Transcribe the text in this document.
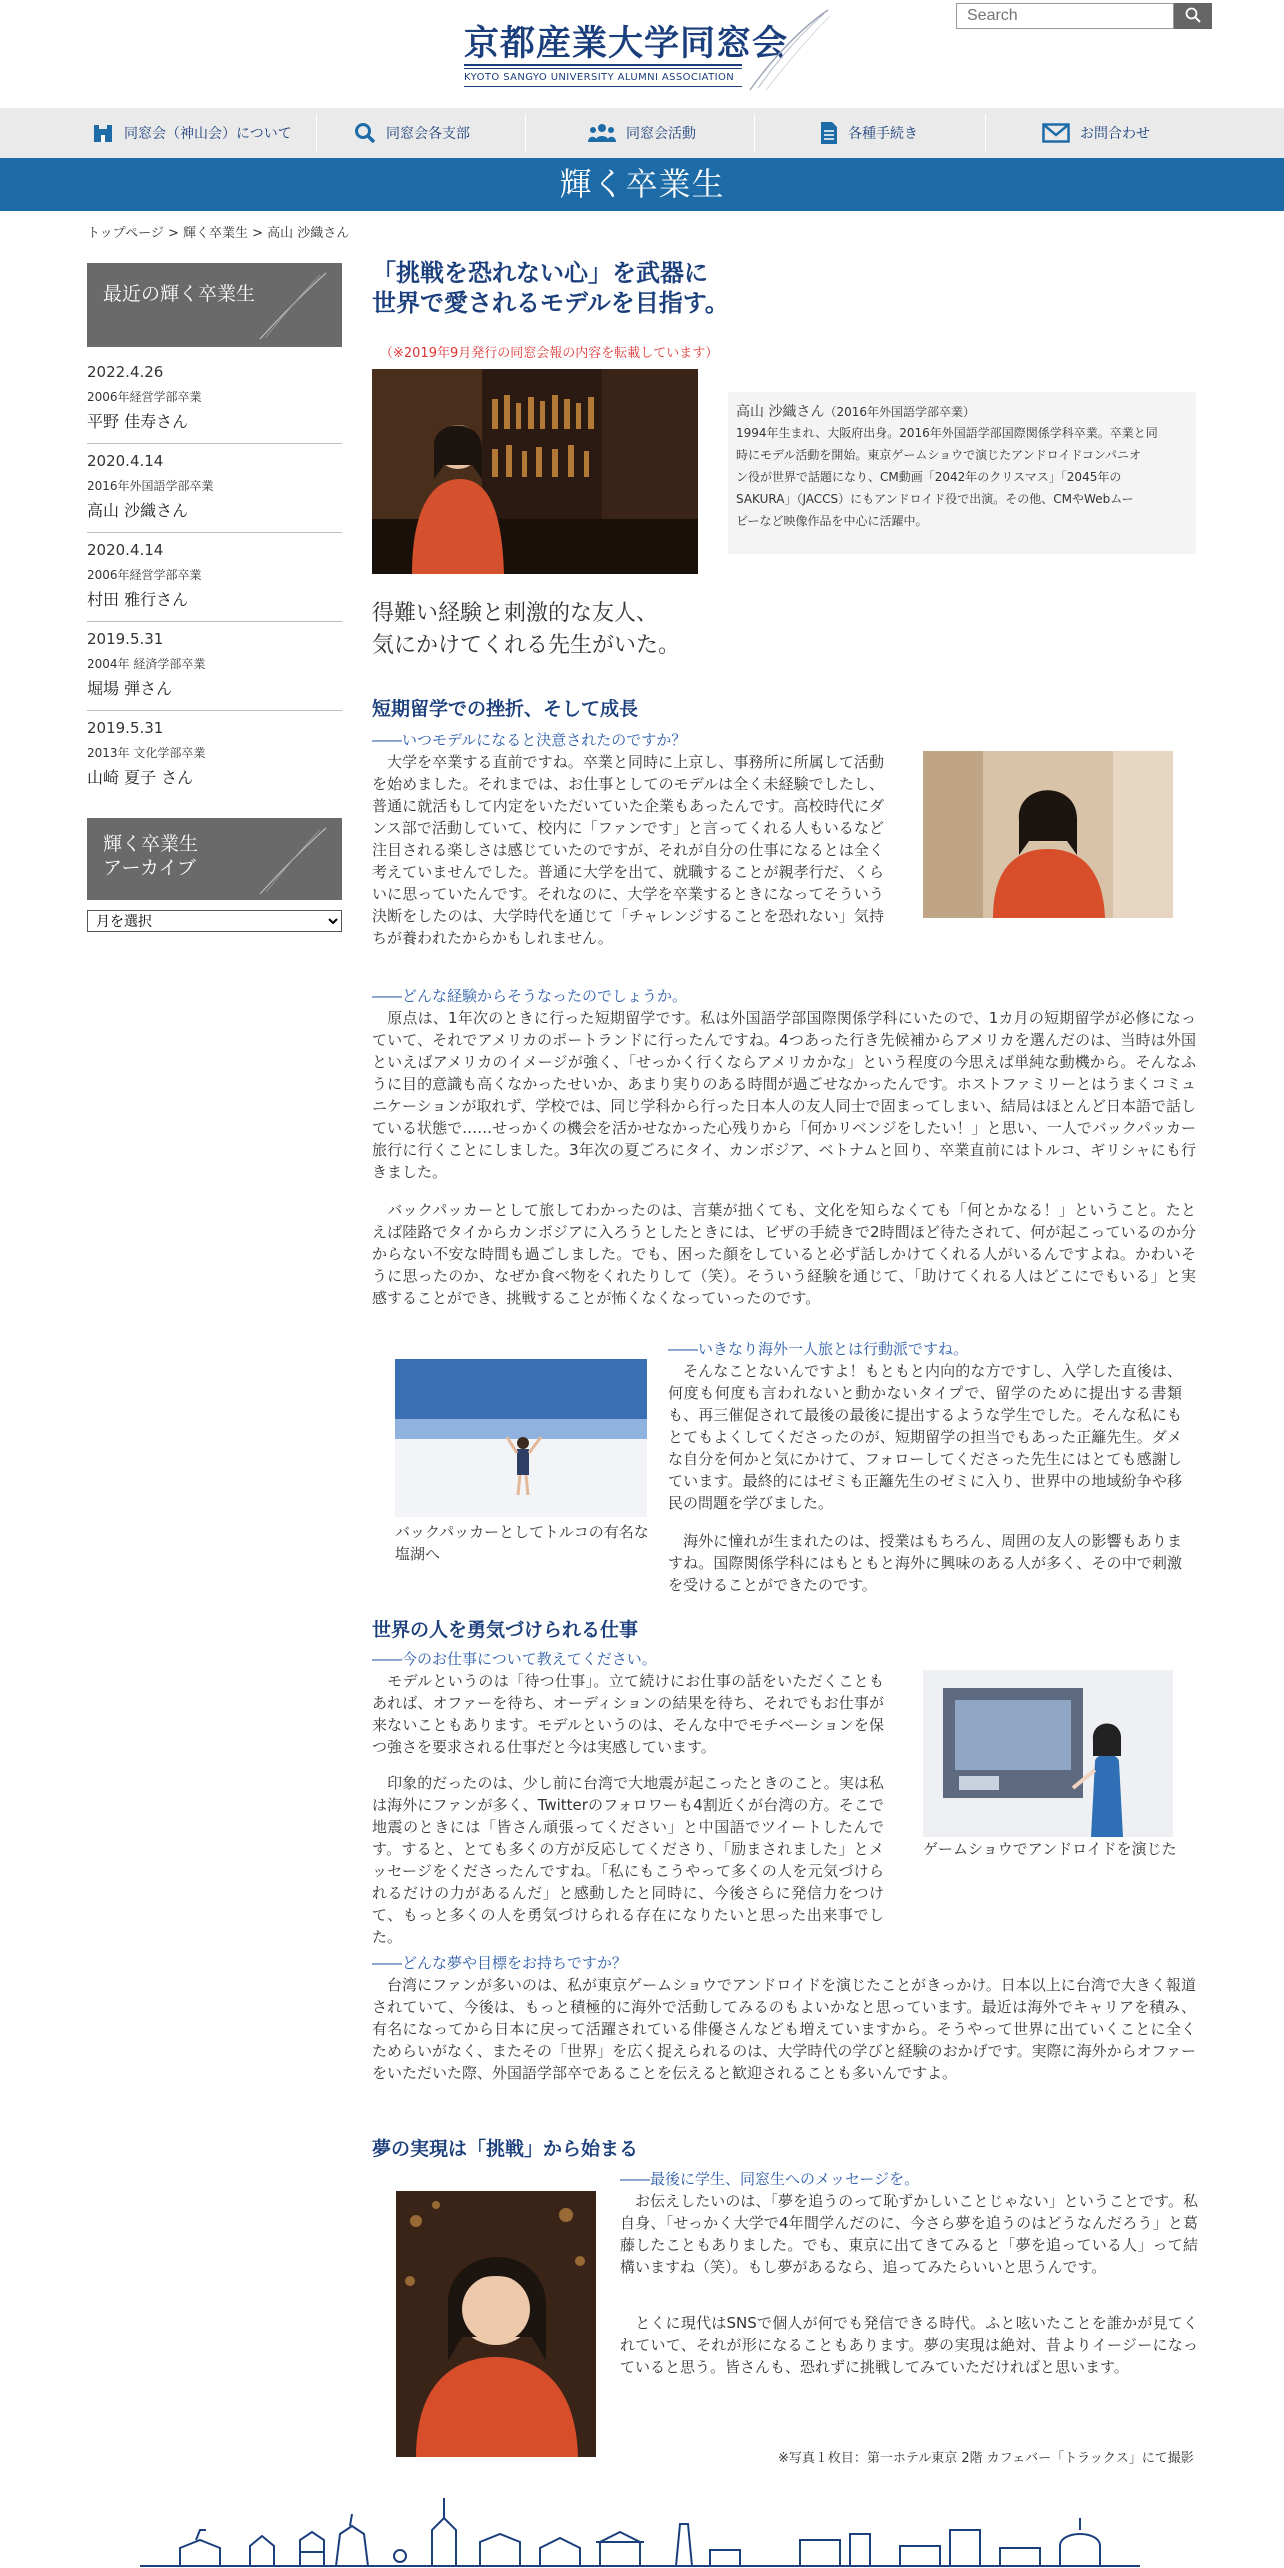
京都産業大学同窓会
KYOTO SANGYO UNIVERSITY ALUMNI ASSOCIATION
Search
同窓会（神山会）について	同窓会各支部	同窓会活動	各種手続き	お問合わせ
輝く卒業生
トップページ > 輝く卒業生 > 高山 沙織さん
最近の輝く卒業生
2022.4.26
2006年経営学部卒業
平野 佳寿さん
2020.4.14
2016年外国語学部卒業
高山 沙織さん
2020.4.14
2006年経営学部卒業
村田 雅行さん
2019.5.31
2004年 経済学部卒業
堀場 弾さん
2019.5.31
2013年 文化学部卒業
山崎 夏子 さん
輝く卒業生
アーカイブ
月を選択
「挑戦を恐れない心」を武器に
世界で愛されるモデルを目指す。
（※2019年9月発行の同窓会報の内容を転載しています）
高山 沙織さん（2016年外国語学部卒業）
1994年生まれ、大阪府出身。2016年外国語学部国際関係学科卒業。卒業と同
時にモデル活動を開始。東京ゲームショウで演じたアンドロイドコンパニオ
ン役が世界で話題になり、CM動画「2042年のクリスマス」「2045年の
SAKURA」（JACCS）にもアンドロイド役で出演。その他、CMやWebムー
ビーなど映像作品を中心に活躍中。
得難い経験と刺激的な友人、
気にかけてくれる先生がいた。
短期留学での挫折、そして成長
――いつモデルになると決意されたのですか？
　大学を卒業する直前ですね。卒業と同時に上京し、事務所に所属して活動を始めました。それまでは、お仕事としてのモデルは全く未経験でしたし、普通に就活もして内定をいただいていた企業もあったんです。高校時代にダンス部で活動していて、校内に「ファンです」と言ってくれる人もいるなど注目される楽しさは感じていたのですが、それが自分の仕事になるとは全く考えていませんでした。普通に大学を出て、就職することが親孝行だ、くらいに思っていたんです。それなのに、大学を卒業するときになってそういう決断をしたのは、大学時代を通じて「チャレンジすることを恐れない」気持ちが養われたからかもしれません。
――どんな経験からそうなったのでしょうか。
　原点は、1年次のときに行った短期留学です。私は外国語学部国際関係学科にいたので、1カ月の短期留学が必修になっていて、それでアメリカのポートランドに行ったんですね。4つあった行き先候補からアメリカを選んだのは、当時は外国といえばアメリカのイメージが強く、「せっかく行くならアメリカかな」という程度の今思えば単純な動機から。そんなふうに目的意識も高くなかったせいか、あまり実りのある時間が過ごせなかったんです。ホストファミリーとはうまくコミュニケーションが取れず、学校では、同じ学科から行った日本人の友人同士で固まってしまい、結局はほとんど日本語で話している状態で……せっかくの機会を活かせなかった心残りから「何かリベンジをしたい！」と思い、一人でバックパッカー旅行に行くことにしました。3年次の夏ごろにタイ、カンボジア、ベトナムと回り、卒業直前にはトルコ、ギリシャにも行きました。
　バックパッカーとして旅してわかったのは、言葉が拙くても、文化を知らなくても「何とかなる！」ということ。たとえば陸路でタイからカンボジアに入ろうとしたときには、ビザの手続きで2時間ほど待たされて、何が起こっているのか分からない不安な時間も過ごしました。でも、困った顔をしていると必ず話しかけてくれる人がいるんですよね。かわいそうに思ったのか、なぜか食べ物をくれたりして（笑）。そういう経験を通じて、「助けてくれる人はどこにでもいる」と実感することができ、挑戦することが怖くなくなっていったのです。
バックパッカーとしてトルコの有名な塩湖へ
――いきなり海外一人旅とは行動派ですね。
　そんなことないんですよ！もともと内向的な方ですし、入学した直後は、何度も何度も言われないと動かないタイプで、留学のために提出する書類も、再三催促されて最後の最後に提出するような学生でした。そんな私にもとてもよくしてくださったのが、短期留学の担当でもあった正籬先生。ダメな自分を何かと気にかけて、フォローしてくださった先生にはとても感謝しています。最終的にはゼミも正籬先生のゼミに入り、世界中の地域紛争や移民の問題を学びました。
　海外に憧れが生まれたのは、授業はもちろん、周囲の友人の影響もありますね。国際関係学科にはもともと海外に興味のある人が多く、その中で刺激を受けることができたのです。
世界の人を勇気づけられる仕事
――今のお仕事について教えてください。
　モデルというのは「待つ仕事」。立て続けにお仕事の話をいただくこともあれば、オファーを待ち、オーディションの結果を待ち、それでもお仕事が来ないこともあります。モデルというのは、そんな中でモチベーションを保つ強さを要求される仕事だと今は実感しています。
　印象的だったのは、少し前に台湾で大地震が起こったときのこと。実は私は海外にファンが多く、Twitterのフォロワーも4割近くが台湾の方。そこで地震のときには「皆さん頑張ってください」と中国語でツイートしたんです。すると、とても多くの方が反応してくださり、「励まされました」とメッセージをくださったんですね。「私にもこうやって多くの人を元気づけられるだけの力があるんだ」と感動したと同時に、今後さらに発信力をつけて、もっと多くの人を勇気づけられる存在になりたいと思った出来事でした。
ゲームショウでアンドロイドを演じた
――どんな夢や目標をお持ちですか？
　台湾にファンが多いのは、私が東京ゲームショウでアンドロイドを演じたことがきっかけ。日本以上に台湾で大きく報道されていて、今後は、もっと積極的に海外で活動してみるのもよいかなと思っています。最近は海外でキャリアを積み、有名になってから日本に戻って活躍されている俳優さんなども増えていますから。そうやって世界に出ていくことに全くためらいがなく、またその「世界」を広く捉えられるのは、大学時代の学びと経験のおかげです。実際に海外からオファーをいただいた際、外国語学部卒であることを伝えると歓迎されることも多いんですよ。
夢の実現は「挑戦」から始まる
――最後に学生、同窓生へのメッセージを。
　お伝えしたいのは、「夢を追うのって恥ずかしいことじゃない」ということです。私自身、「せっかく大学で4年間学んだのに、今さら夢を追うのはどうなんだろう」と葛藤したこともありました。でも、東京に出てきてみると「夢を追っている人」って結構いますね（笑）。もし夢があるなら、追ってみたらいいと思うんです。
　とくに現代はSNSで個人が何でも発信できる時代。ふと呟いたことを誰かが見てくれていて、それが形になることもあります。夢の実現は絶対、昔よりイージーになっていると思う。皆さんも、恐れずに挑戦してみていただければと思います。
※写真１枚目：第一ホテル東京 2階 カフェバー「トラックス」にて撮影
